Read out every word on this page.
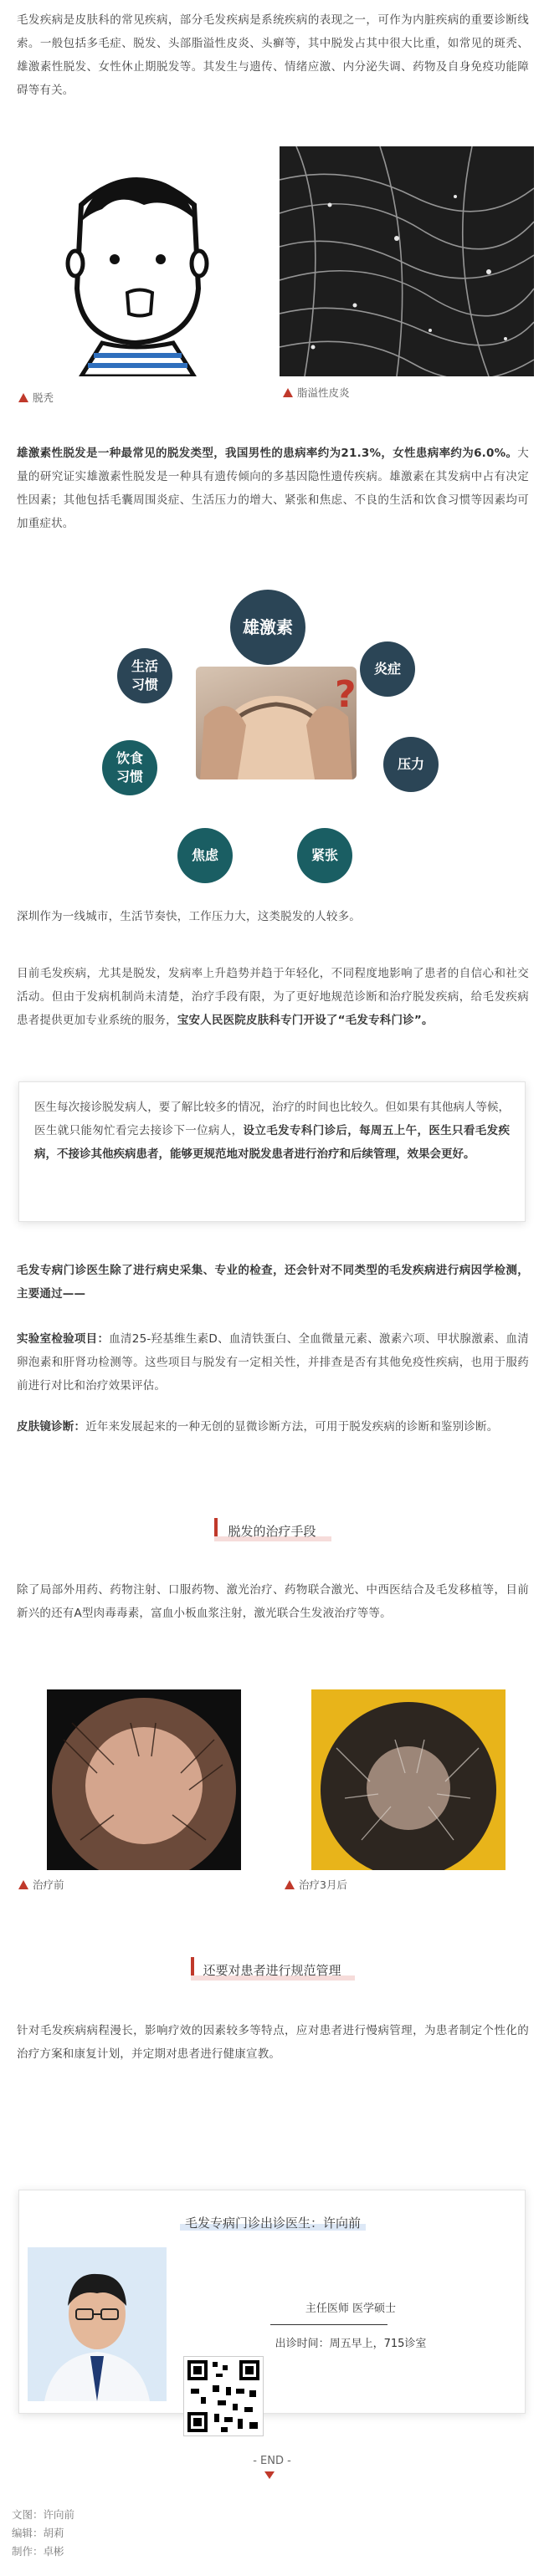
毛发疾病是皮肤科的常见疾病，部分毛发疾病是系统疾病的表现之一，可作为内脏疾病的重要诊断线索。一般包括多毛症、脱发、头部脂溢性皮炎、头癣等，其中脱发占其中很大比重，如常见的斑秃、雄激素性脱发、女性休止期脱发等。其发生与遗传、情绪应激、内分泌失调、药物及自身免疫功能障碍等有关。

脱秃	脂溢性皮炎

雄激素性脱发是一种最常见的脱发类型，我国男性的患病率约为21.3%，女性患病率约为6.0%。大量的研究证实雄激素性脱发是一种具有遗传倾向的多基因隐性遗传疾病。雄激素在其发病中占有决定性因素；其他包括毛囊周围炎症、生活压力的增大、紧张和焦虑、不良的生活和饮食习惯等因素均可加重症状。

?
雄激素
生活习惯
炎症
饮食习惯
压力
焦虑	紧张

深圳作为一线城市，生活节奏快，工作压力大，这类脱发的人较多。

目前毛发疾病，尤其是脱发，发病率上升趋势并趋于年轻化，不同程度地影响了患者的自信心和社交活动。但由于发病机制尚未清楚，治疗手段有限，为了更好地规范诊断和治疗脱发疾病，给毛发疾病患者提供更加专业系统的服务，宝安人民医院皮肤科专门开设了“毛发专科门诊”。

医生每次接诊脱发病人，要了解比较多的情况，治疗的时间也比较久。但如果有其他病人等候，医生就只能匆忙看完去接诊下一位病人，设立毛发专科门诊后，每周五上午，医生只看毛发疾病，不接诊其他疾病患者，能够更规范地对脱发患者进行治疗和后续管理，效果会更好。

毛发专病门诊医生除了进行病史采集、专业的检查，还会针对不同类型的毛发疾病进行病因学检测，主要通过——

实验室检验项目：血清25-羟基维生素D、血清铁蛋白、全血微量元素、激素六项、甲状腺激素、血清卵泡素和肝肾功检测等。这些项目与脱发有一定相关性，并排查是否有其他免疫性疾病，也用于服药前进行对比和治疗效果评估。

皮肤镜诊断：近年来发展起来的一种无创的显微诊断方法，可用于脱发疾病的诊断和鉴别诊断。

脱发的治疗手段

除了局部外用药、药物注射、口服药物、激光治疗、药物联合激光、中西医结合及毛发移植等，目前新兴的还有A型肉毒毒素，富血小板血浆注射，激光联合生发液治疗等等。

治疗前	治疗3月后
还要对患者进行规范管理

针对毛发疾病病程漫长，影响疗效的因素较多等特点，应对患者进行慢病管理，为患者制定个性化的治疗方案和康复计划，并定期对患者进行健康宣教。

毛发专病门诊出诊医生：许向前
主任医师 医学硕士
出诊时间：周五早上，715诊室
- END -
文图：许向前
编辑：胡莉
制作：卓彬
